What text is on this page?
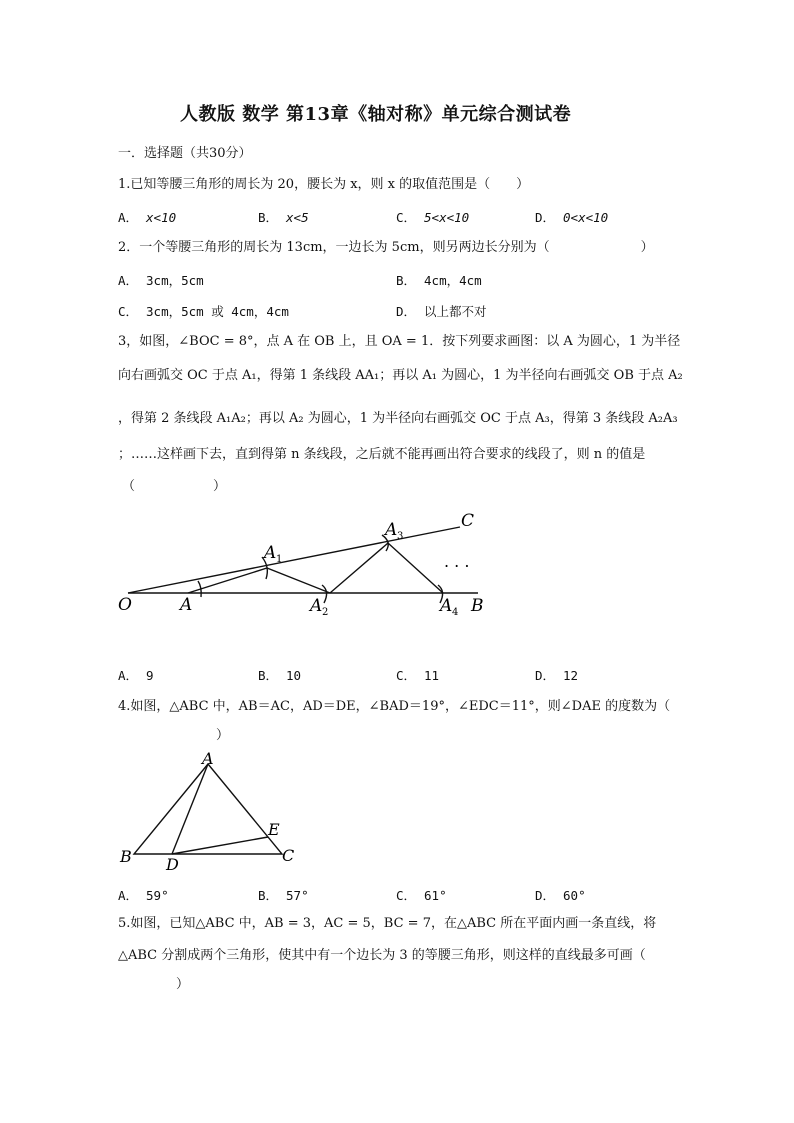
人教版 数学 第13章《轴对称》单元综合测试卷
一．选择题（共30分）
1.已知等腰三角形的周长为 20，腰长为 x，则 x 的取值范围是（　　）
A． x<10	B． x<5	C． 5<x<10	D． 0<x<10
2．一个等腰三角形的周长为 13cm，一边长为 5cm，则另两边长分别为（　　　　　　　）
A． 3cm，5cm	B． 4cm，4cm
C． 3cm，5cm 或 4cm，4cm	D． 以上都不对
3，如图，∠BOC = 8°，点 A 在 OB 上，且 OA = 1．按下列要求画图：以 A 为圆心，1 为半径
向右画弧交 OC 于点 A₁，得第 1 条线段 AA₁；再以 A₁ 为圆心，1 为半径向右画弧交 OB 于点 A₂
，得第 2 条线段 A₁A₂；再以 A₂ 为圆心，1 为半径向右画弧交 OC 于点 A₃，得第 3 条线段 A₂A₃
；……这样画下去，直到得第 n 条线段，之后就不能再画出符合要求的线段了，则 n 的值是
（　　　　　　）
O	A
A 1
A 2
A 3
A 4 B
C
. . .
A． 9	B． 10	C． 11	D． 12
4.如图，△ABC 中，AB＝AC，AD＝DE，∠BAD＝19°，∠EDC＝11°，则∠DAE 的度数为（
）
A
B	C
D
E
A． 59°	B． 57°	C． 61°	D． 60°
5.如图，已知△ABC 中，AB = 3，AC = 5，BC = 7，在△ABC 所在平面内画一条直线，将
△ABC 分割成两个三角形，使其中有一个边长为 3 的等腰三角形，则这样的直线最多可画（
）
